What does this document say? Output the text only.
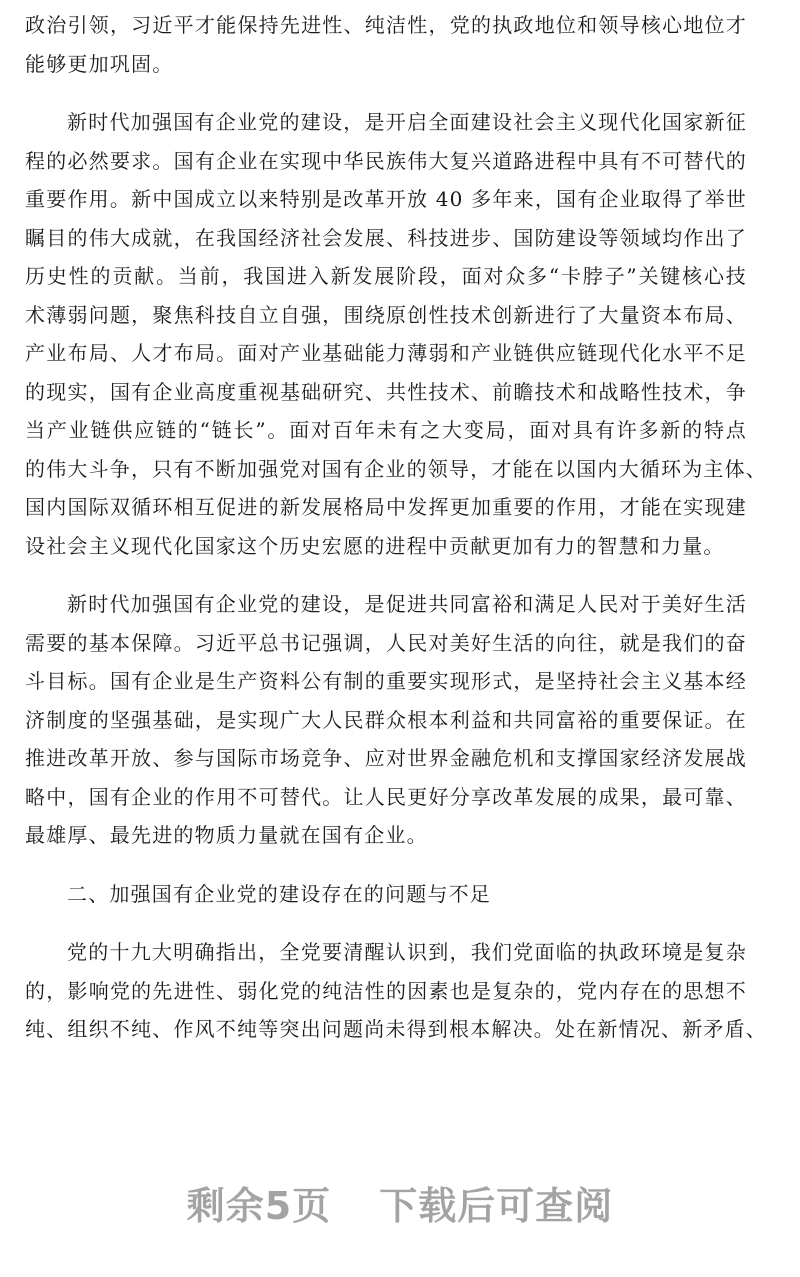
政治引领，习近平才能保持先进性、纯洁性，党的执政地位和领导核心地位才
能够更加巩固。
新时代加强国有企业党的建设，是开启全面建设社会主义现代化国家新征
程的必然要求。国有企业在实现中华民族伟大复兴道路进程中具有不可替代的
重要作用。新中国成立以来特别是改革开放 40 多年来，国有企业取得了举世
瞩目的伟大成就，在我国经济社会发展、科技进步、国防建设等领域均作出了
历史性的贡献。当前，我国进入新发展阶段，面对众多“卡脖子”关键核心技
术薄弱问题，聚焦科技自立自强，围绕原创性技术创新进行了大量资本布局、
产业布局、人才布局。面对产业基础能力薄弱和产业链供应链现代化水平不足
的现实，国有企业高度重视基础研究、共性技术、前瞻技术和战略性技术，争
当产业链供应链的“链长”。面对百年未有之大变局，面对具有许多新的特点
的伟大斗争，只有不断加强党对国有企业的领导，才能在以国内大循环为主体、
国内国际双循环相互促进的新发展格局中发挥更加重要的作用，才能在实现建
设社会主义现代化国家这个历史宏愿的进程中贡献更加有力的智慧和力量。
新时代加强国有企业党的建设，是促进共同富裕和满足人民对于美好生活
需要的基本保障。习近平总书记强调，人民对美好生活的向往，就是我们的奋
斗目标。国有企业是生产资料公有制的重要实现形式，是坚持社会主义基本经
济制度的坚强基础，是实现广大人民群众根本利益和共同富裕的重要保证。在
推进改革开放、参与国际市场竞争、应对世界金融危机和支撑国家经济发展战
略中，国有企业的作用不可替代。让人民更好分享改革发展的成果，最可靠、
最雄厚、最先进的物质力量就在国有企业。
二、加强国有企业党的建设存在的问题与不足
党的十九大明确指出，全党要清醒认识到，我们党面临的执政环境是复杂
的，影响党的先进性、弱化党的纯洁性的因素也是复杂的，党内存在的思想不
纯、组织不纯、作风不纯等突出问题尚未得到根本解决。处在新情况、新矛盾、
剩余5页 下载后可查阅
